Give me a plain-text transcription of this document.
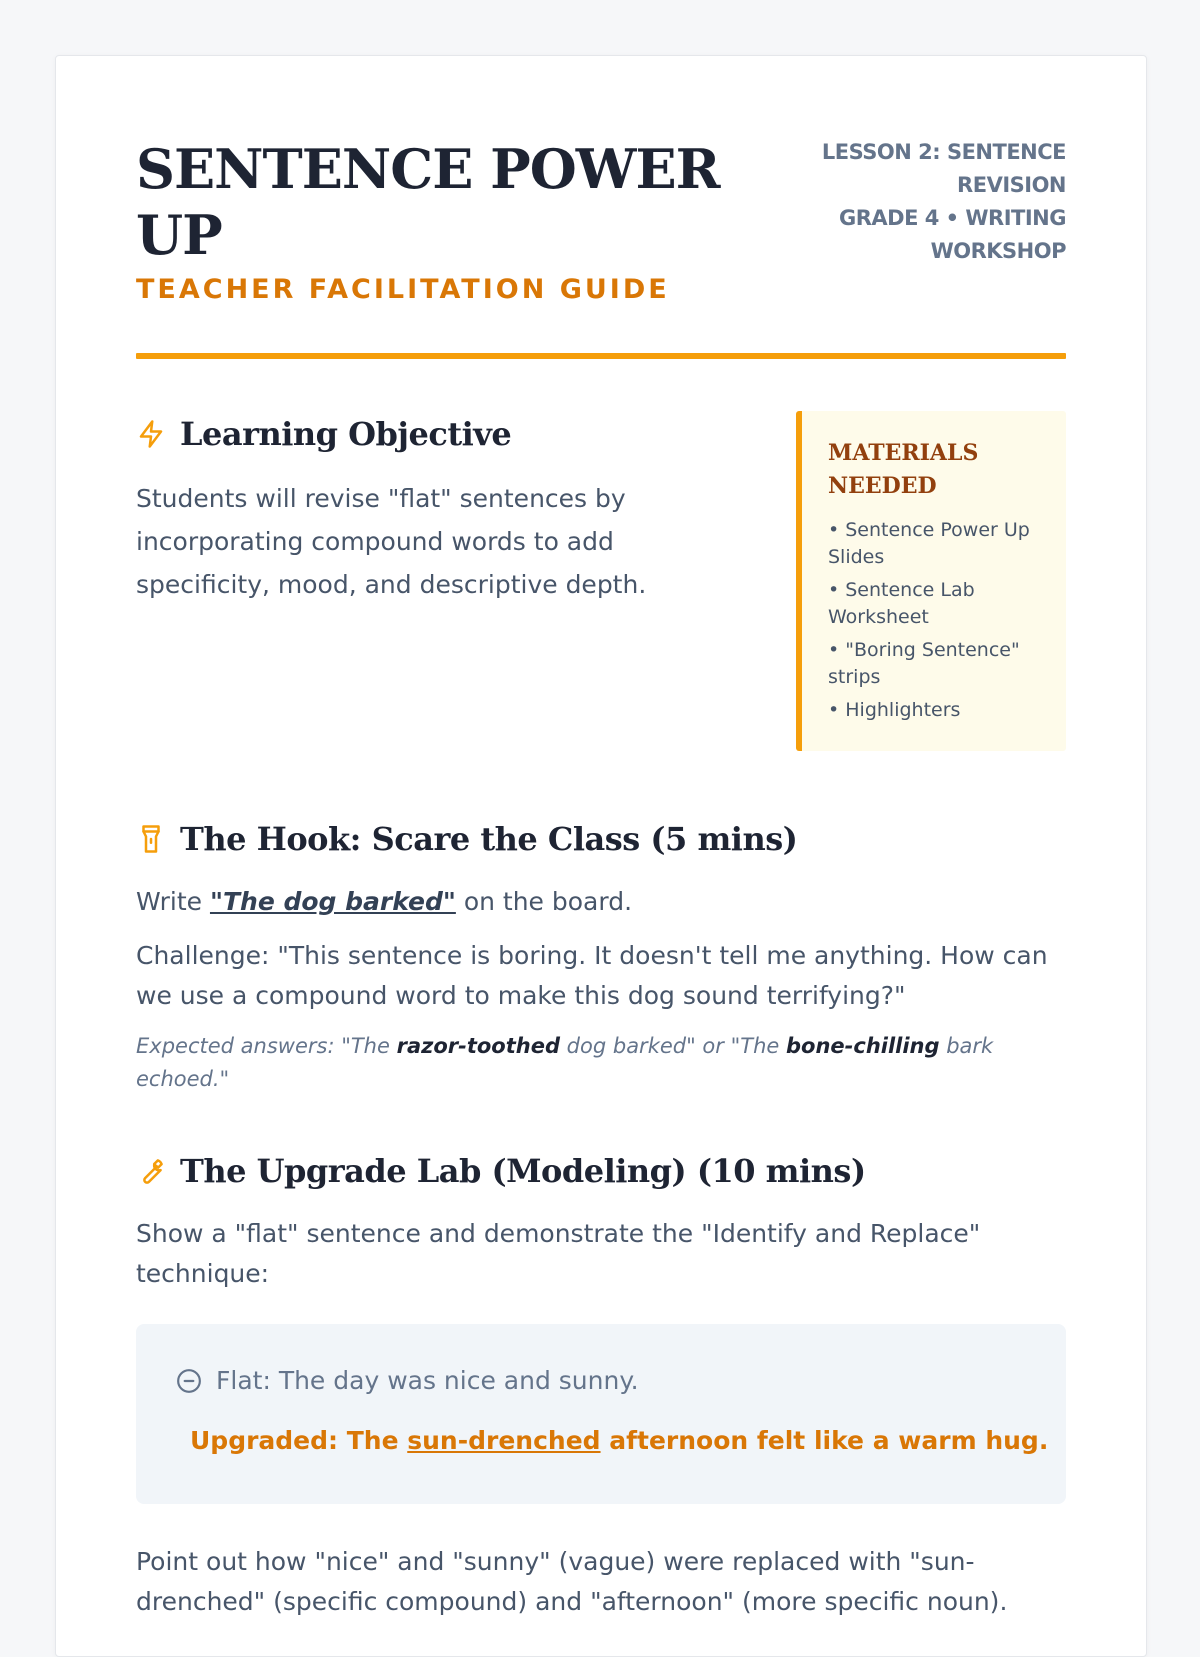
SENTENCE POWER UP
TEACHER FACILITATION GUIDE
LESSON 2: SENTENCE REVISION
GRADE 4 • WRITING WORKSHOP
Learning Objective
Students will revise "flat" sentences by incorporating compound words to add specificity, mood, and descriptive depth.
MATERIALS NEEDED
• Sentence Power Up Slides
• Sentence Lab Worksheet
• "Boring Sentence" strips
• Highlighters
The Hook: Scare the Class (5 mins)
Write "The dog barked" on the board.
Challenge: "This sentence is boring. It doesn't tell me anything. How can we use a compound word to make this dog sound terrifying?"
Expected answers: "The razor-toothed dog barked" or "The bone-chilling bark echoed."
The Upgrade Lab (Modeling) (10 mins)
Show a "flat" sentence and demonstrate the "Identify and Replace" technique:
Flat: The day was nice and sunny.
Upgraded: The sun-drenched afternoon felt like a warm hug.
Point out how "nice" and "sunny" (vague) were replaced with "sun-drenched" (specific compound) and "afternoon" (more specific noun).
